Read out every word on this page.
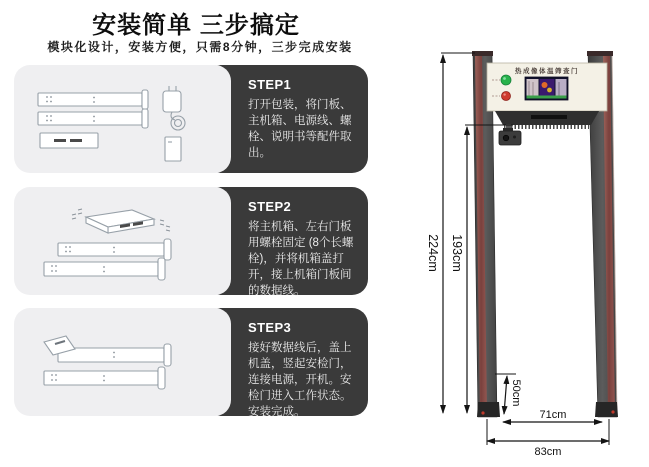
安装简单 三步搞定
模块化设计，安装方便，只需8分钟，三步完成安装
STEP1

打开包装，将门板、主机箱、电源线、螺栓、说明书等配件取出。

STEP2

将主机箱、左右门板用螺栓固定 (8个长螺栓)，并将机箱盖打开，接上机箱门板间的数据线。

STEP3

接好数据线后，盖上机盖，竖起安检门，连接电源，开机。安检门进入工作状态。安装完成。

热成像体温筛查门
224cm 193cm
50cm
71cm
83cm
